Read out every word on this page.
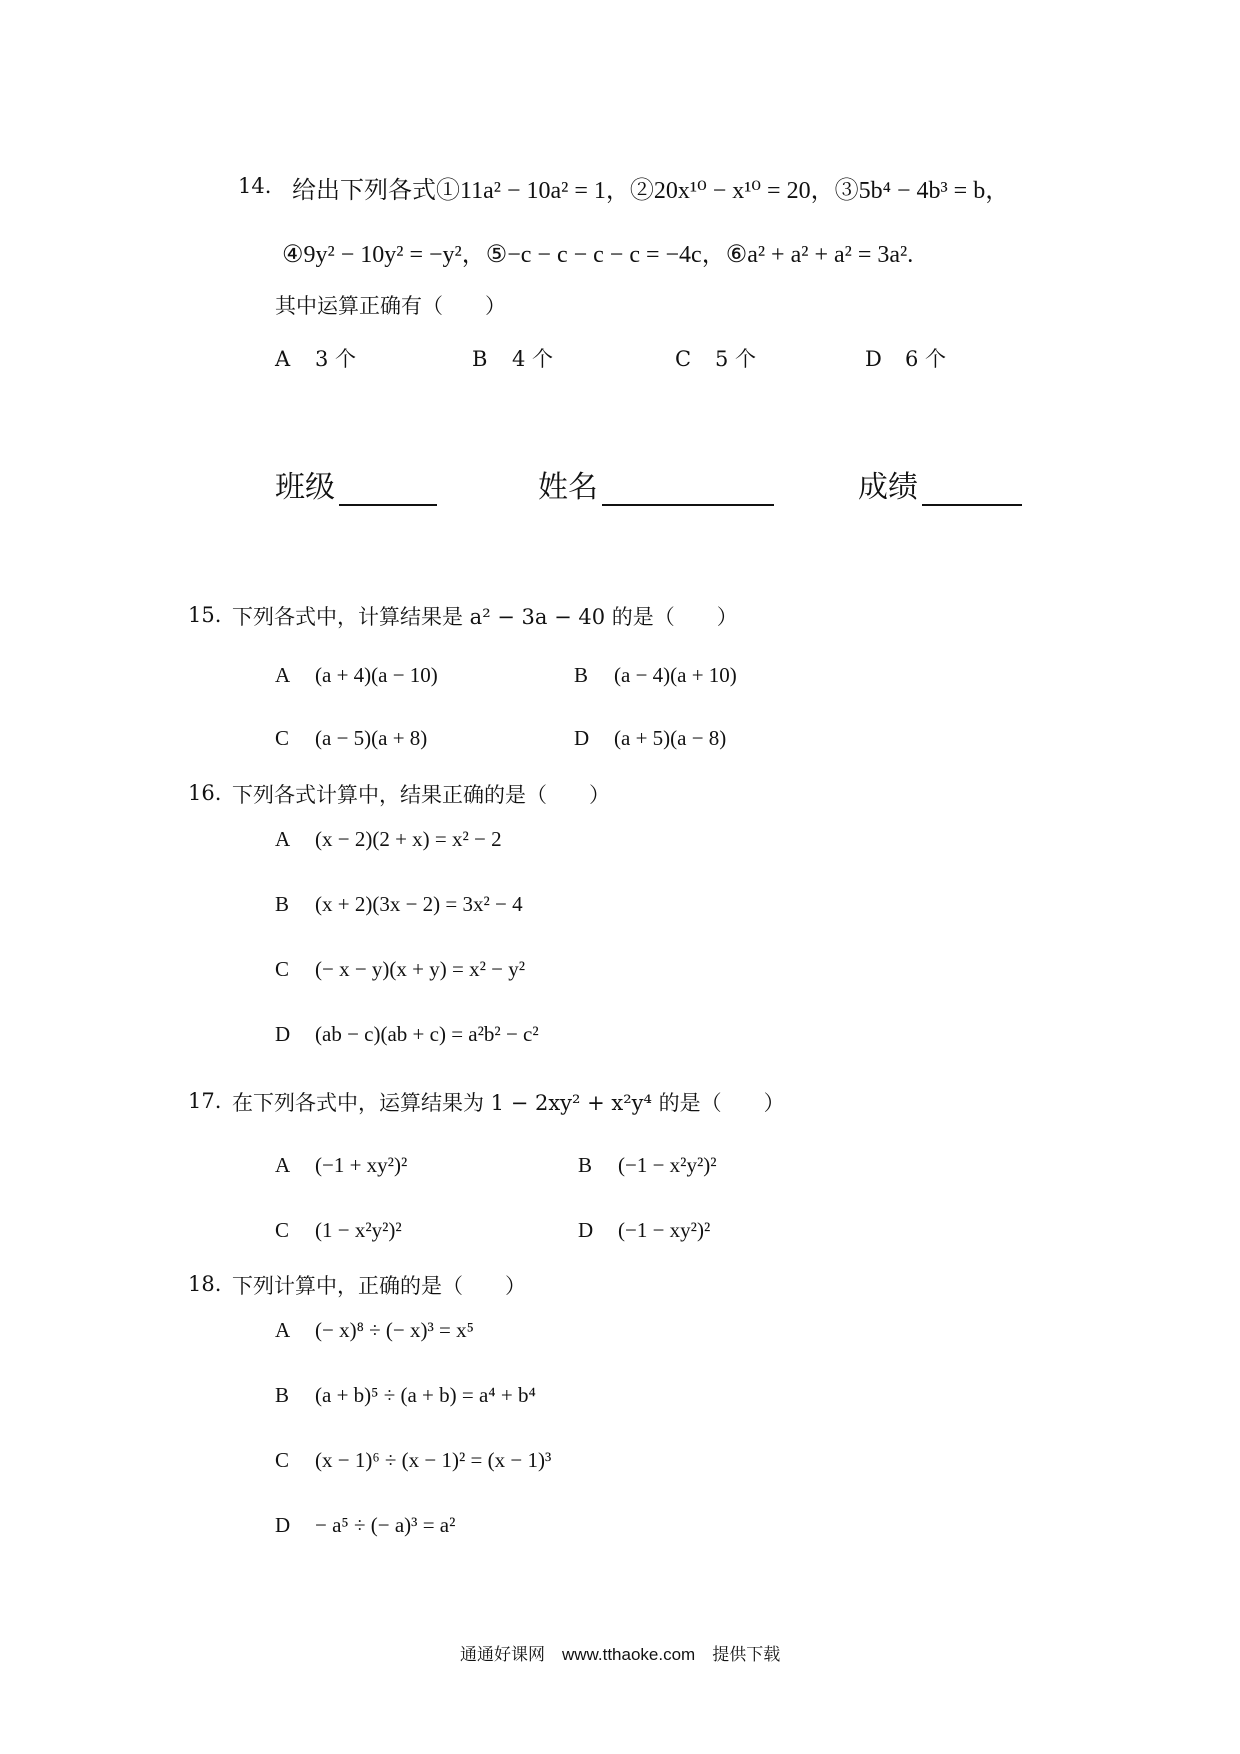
14. 给出下列各式①11a² − 10a² = 1，②20x¹⁰ − x¹⁰ = 20，③5b⁴ − 4b³ = b，
④9y² − 10y² = −y²，⑤−c − c − c − c = −4c，⑥a² + a² + a² = 3a².
其中运算正确有（　　）
A 3 个	B 4 个	C 5 个	D 6 个
班级	姓名	成绩
15. 下列各式中，计算结果是 a² − 3a − 40 的是（　　）
A (a + 4)(a − 10)	B (a − 4)(a + 10)
C (a − 5)(a + 8)	D (a + 5)(a − 8)
16. 下列各式计算中，结果正确的是（　　）
A (x − 2)(2 + x) = x² − 2
B (x + 2)(3x − 2) = 3x² − 4
C (− x − y)(x + y) = x² − y²
D (ab − c)(ab + c) = a²b² − c²
17. 在下列各式中，运算结果为 1 − 2xy² + x²y⁴ 的是（　　）
A (−1 + xy²)²	B (−1 − x²y²)²
C (1 − x²y²)²	D (−1 − xy²)²
18. 下列计算中，正确的是（　　）
A (− x)⁸ ÷ (− x)³ = x⁵
B (a + b)⁵ ÷ (a + b) = a⁴ + b⁴
C (x − 1)⁶ ÷ (x − 1)² = (x − 1)³
D − a⁵ ÷ (− a)³ = a²
通通好课网　www.tthaoke.com　提供下载
